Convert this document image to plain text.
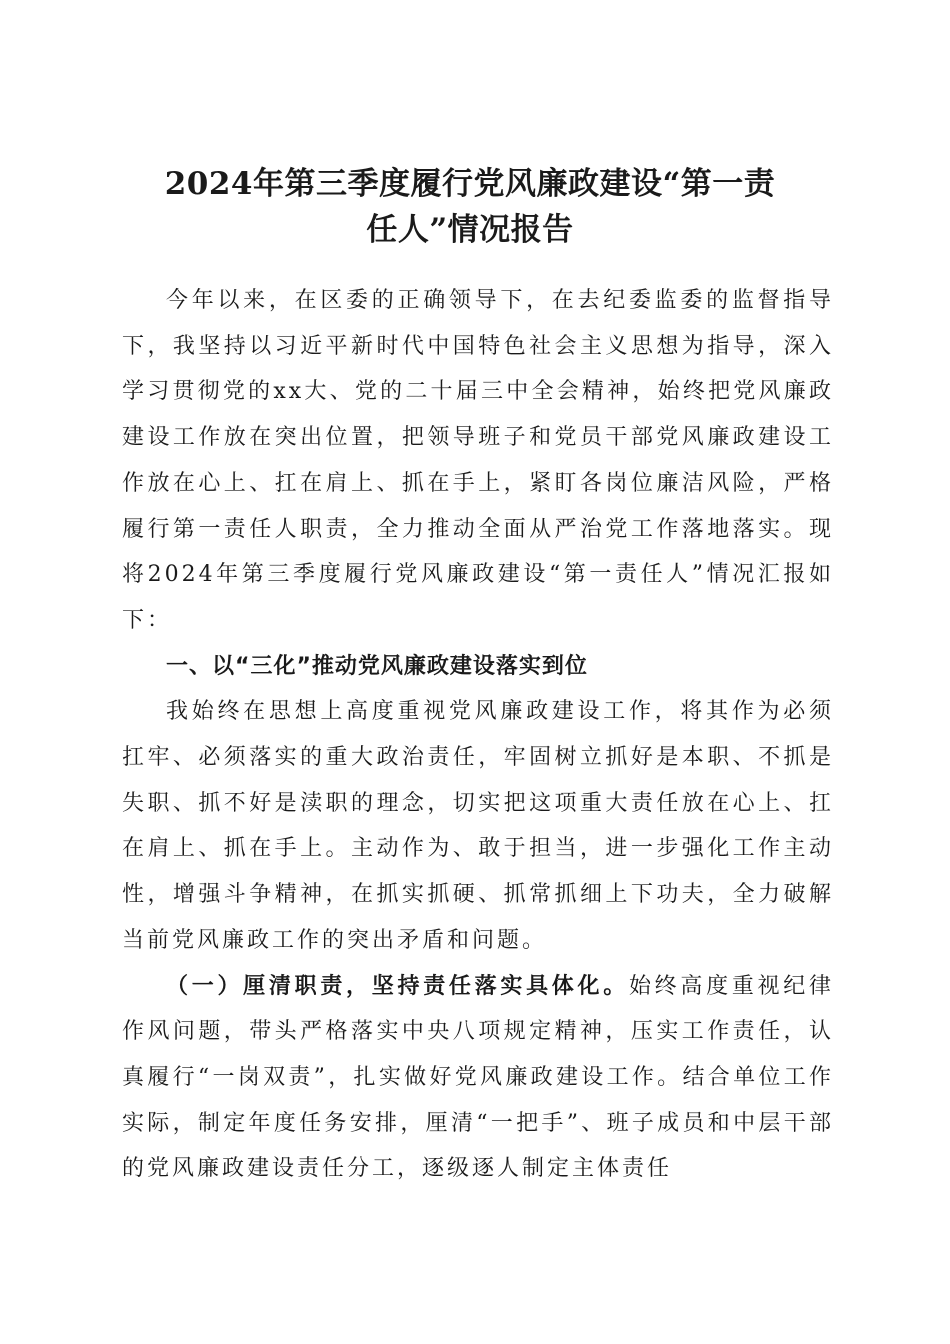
2024年第三季度履行党风廉政建设“第一责
任人”情况报告

今年以来，在区委的正确领导下，在去纪委监委的监督指导下，我坚持以习近平新时代中国特色社会主义思想为指导，深入学习贯彻党的xx大、党的二十届三中全会精神，始终把党风廉政建设工作放在突出位置，把领导班子和党员干部党风廉政建设工作放在心上、扛在肩上、抓在手上，紧盯各岗位廉洁风险，严格履行第一责任人职责，全力推动全面从严治党工作落地落实。现将2024年第三季度履行党风廉政建设“第一责任人”情况汇报如下：

一、以“三化”推动党风廉政建设落实到位

我始终在思想上高度重视党风廉政建设工作，将其作为必须扛牢、必须落实的重大政治责任，牢固树立抓好是本职、不抓是失职、抓不好是渎职的理念，切实把这项重大责任放在心上、扛在肩上、抓在手上。主动作为、敢于担当，进一步强化工作主动性，增强斗争精神，在抓实抓硬、抓常抓细上下功夫，全力破解当前党风廉政工作的突出矛盾和问题。

（一）厘清职责，坚持责任落实具体化。始终高度重视纪律作风问题，带头严格落实中央八项规定精神，压实工作责任，认真履行“一岗双责”，扎实做好党风廉政建设工作。结合单位工作实际，制定年度任务安排，厘清“一把手”、班子成员和中层干部的党风廉政建设责任分工，逐级逐人制定主体责任
